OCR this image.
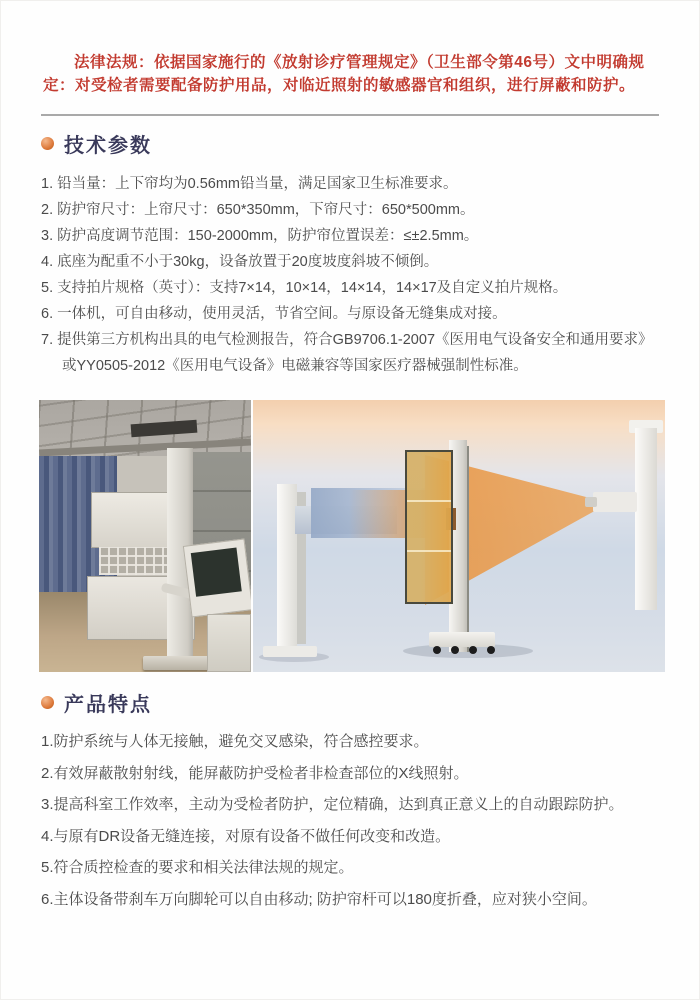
法律法规：依据国家施行的《放射诊疗管理规定》（卫生部令第46号）文中明确规定：对受检者需要配备防护用品，对临近照射的敏感器官和组织，进行屏蔽和防护。

技术参数
1. 铅当量：上下帘均为0.56mm铅当量，满足国家卫生标准要求。
2. 防护帘尺寸：上帘尺寸：650*350mm，下帘尺寸：650*500mm。
3. 防护高度调节范围：150-2000mm，防护帘位置误差：≤±2.5mm。
4. 底座为配重不小于30kg，设备放置于20度坡度斜坡不倾倒。
5. 支持拍片规格（英寸）：支持7×14，10×14，14×14，14×17及自定义拍片规格。
6. 一体机，可自由移动，使用灵活，节省空间。与原设备无缝集成对接。
7. 提供第三方机构出具的电气检测报告，符合GB9706.1-2007《医用电气设备安全和通用要求》或YY0505-2012《医用电气设备》电磁兼容等国家医疗器械强制性标准。
产品特点
1.防护系统与人体无接触，避免交叉感染，符合感控要求。
2.有效屏蔽散射射线，能屏蔽防护受检者非检查部位的X线照射。
3.提高科室工作效率，主动为受检者防护，定位精确，达到真正意义上的自动跟踪防护。
4.与原有DR设备无缝连接，对原有设备不做任何改变和改造。
5.符合质控检查的要求和相关法律法规的规定。
6.主体设备带刹车万向脚轮可以自由移动; 防护帘杆可以180度折叠，应对狭小空间。
